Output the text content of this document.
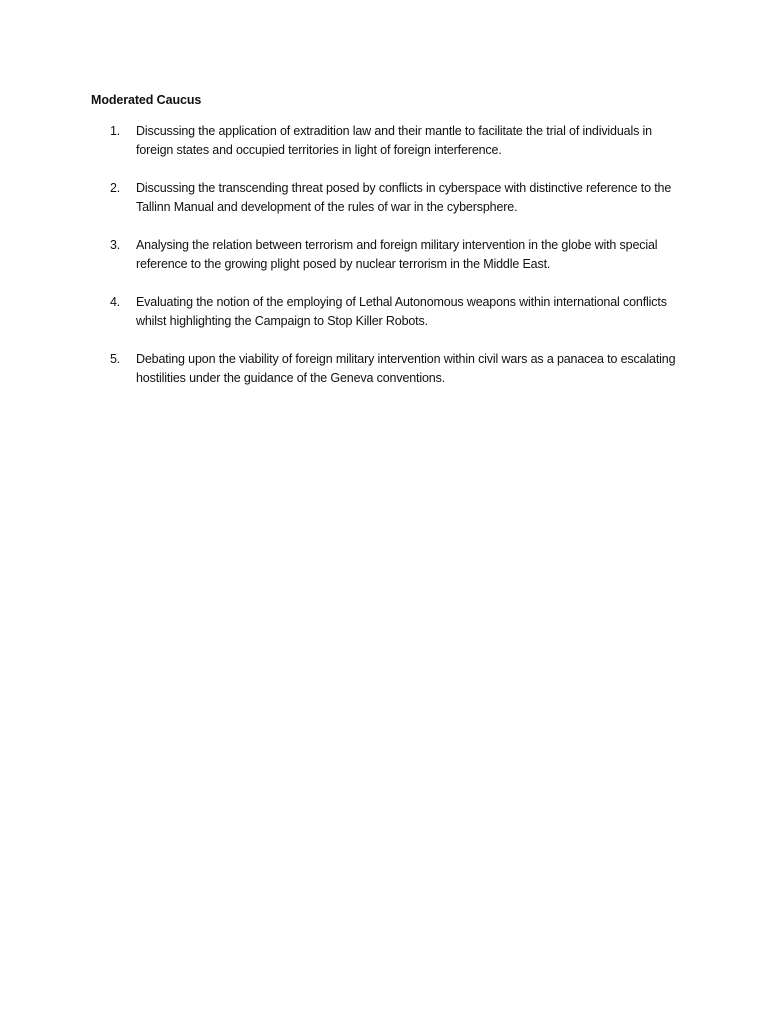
Moderated Caucus
1. Discussing the application of extradition law and their mantle to facilitate the trial of individuals in foreign states and occupied territories in light of foreign interference.
2. Discussing the transcending threat posed by conflicts in cyberspace with distinctive reference to the Tallinn Manual and development of the rules of war in the cybersphere.
3. Analysing the relation between terrorism and foreign military intervention in the globe with special reference to the growing plight posed by nuclear terrorism in the Middle East.
4. Evaluating the notion of the employing of Lethal Autonomous weapons within international conflicts whilst highlighting the Campaign to Stop Killer Robots.
5. Debating upon the viability of foreign military intervention within civil wars as a panacea to escalating hostilities under the guidance of the Geneva conventions.
